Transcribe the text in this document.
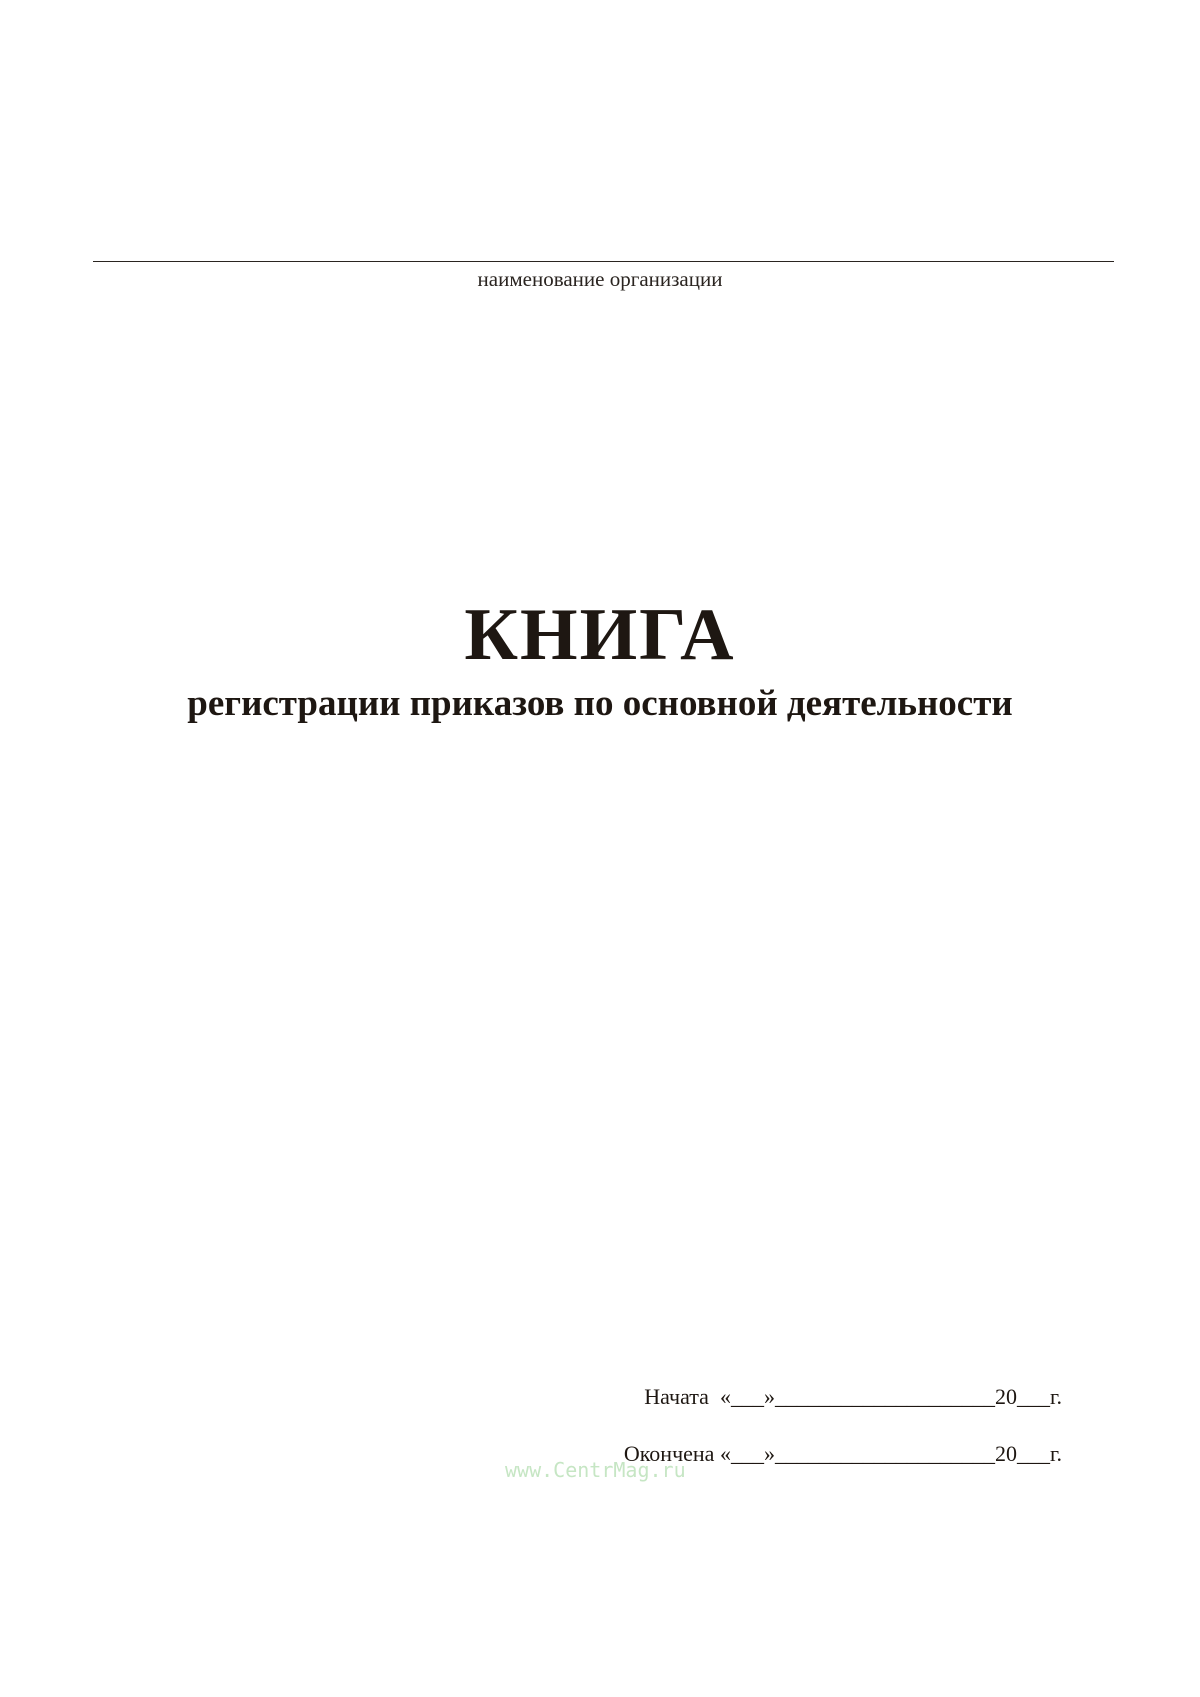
наименование организации
КНИГА
регистрации приказов по основной деятельности
Начата  «___»____________________20___г.
Окончена «___»____________________20___г.
www.CentrMag.ru
